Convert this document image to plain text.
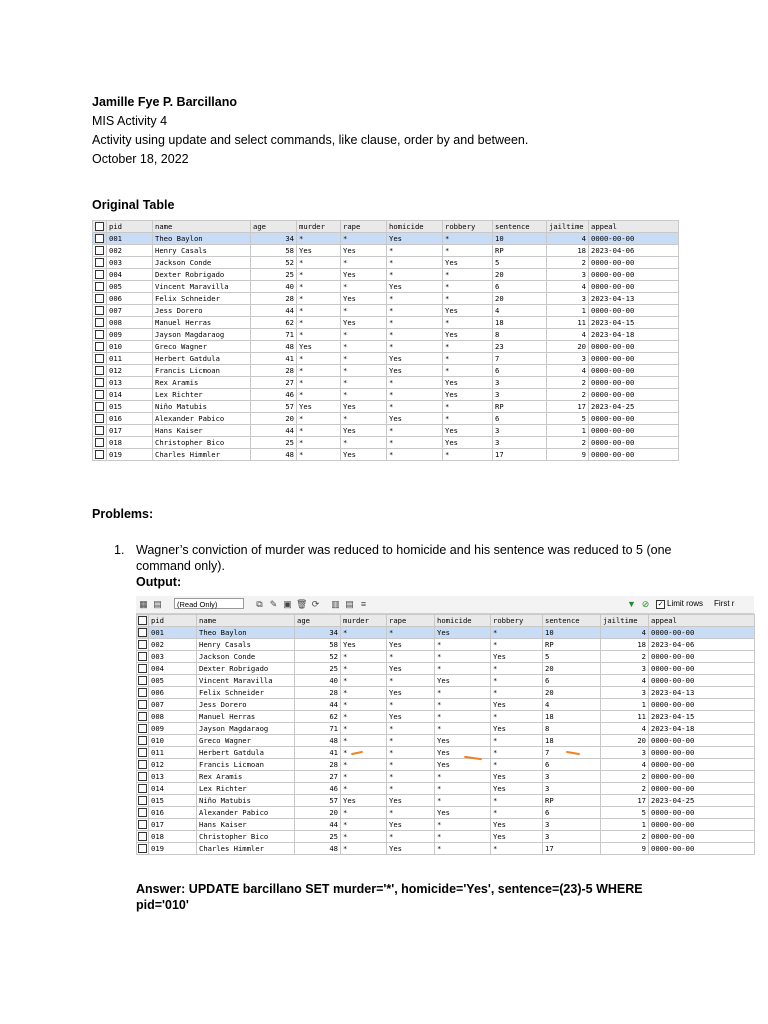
Jamille Fye P. Barcillano
MIS Activity 4
Activity using update and select commands, like clause, order by and between.
October 18, 2022
Original Table
	pid	name	age	murder	rape	homicide	robbery	sentence	jailtime	appeal
	001	Theo Baylon	34	*	*	Yes	*	10	4	0000-00-00
	002	Henry Casals	58	Yes	Yes	*	*	RP	18	2023-04-06
	003	Jackson Conde	52	*	*	*	Yes	5	2	0000-00-00
	004	Dexter Robrigado	25	*	Yes	*	*	20	3	0000-00-00
	005	Vincent Maravilla	40	*	*	Yes	*	6	4	0000-00-00
	006	Felix Schneider	28	*	Yes	*	*	20	3	2023-04-13
	007	Jess Dorero	44	*	*	*	Yes	4	1	0000-00-00
	008	Manuel Herras	62	*	Yes	*	*	18	11	2023-04-15
	009	Jayson Magdaraog	71	*	*	*	Yes	8	4	2023-04-18
	010	Greco Wagner	48	Yes	*	*	*	23	20	0000-00-00
	011	Herbert Gatdula	41	*	*	Yes	*	7	3	0000-00-00
	012	Francis Licmoan	28	*	*	Yes	*	6	4	0000-00-00
	013	Rex Aramis	27	*	*	*	Yes	3	2	0000-00-00
	014	Lex Richter	46	*	*	*	Yes	3	2	0000-00-00
	015	Niño Matubis	57	Yes	Yes	*	*	RP	17	2023-04-25
	016	Alexander Pabico	20	*	*	Yes	*	6	5	0000-00-00
	017	Hans Kaiser	44	*	Yes	*	Yes	3	1	0000-00-00
	018	Christopher Bico	25	*	*	*	Yes	3	2	0000-00-00
	019	Charles Himmler	48	*	Yes	*	*	17	9	0000-00-00
Problems:
1. Wagner’s conviction of murder was reduced to homicide and his sentence was reduced to 5 (one command only).
Output:
▦ ▤	(Read Only)	⧉ ✎ ▣ 🗑 ⟳ ▥ ▤ ≡	▼ ⊘ ✓ Limit rows First r
	pid	name	age	murder	rape	homicide	robbery	sentence	jailtime	appeal
	001	Theo Baylon	34	*	*	Yes	*	10	4	0000-00-00
	002	Henry Casals	58	Yes	Yes	*	*	RP	18	2023-04-06
	003	Jackson Conde	52	*	*	*	Yes	5	2	0000-00-00
	004	Dexter Robrigado	25	*	Yes	*	*	20	3	0000-00-00
	005	Vincent Maravilla	40	*	*	Yes	*	6	4	0000-00-00
	006	Felix Schneider	28	*	Yes	*	*	20	3	2023-04-13
	007	Jess Dorero	44	*	*	*	Yes	4	1	0000-00-00
	008	Manuel Herras	62	*	Yes	*	*	18	11	2023-04-15
	009	Jayson Magdaraog	71	*	*	*	Yes	8	4	2023-04-18
	010	Greco Wagner	48	*	*	Yes	*	18	20	0000-00-00
	011	Herbert Gatdula	41	*	*	Yes	*	7	3	0000-00-00
	012	Francis Licmoan	28	*	*	Yes	*	6	4	0000-00-00
	013	Rex Aramis	27	*	*	*	Yes	3	2	0000-00-00
	014	Lex Richter	46	*	*	*	Yes	3	2	0000-00-00
	015	Niño Matubis	57	Yes	Yes	*	*	RP	17	2023-04-25
	016	Alexander Pabico	20	*	*	Yes	*	6	5	0000-00-00
	017	Hans Kaiser	44	*	Yes	*	Yes	3	1	0000-00-00
	018	Christopher Bico	25	*	*	*	Yes	3	2	0000-00-00
	019	Charles Himmler	48	*	Yes	*	*	17	9	0000-00-00
Answer: UPDATE barcillano SET murder='*', homicide='Yes', sentence=(23)-5 WHERE pid='010'
